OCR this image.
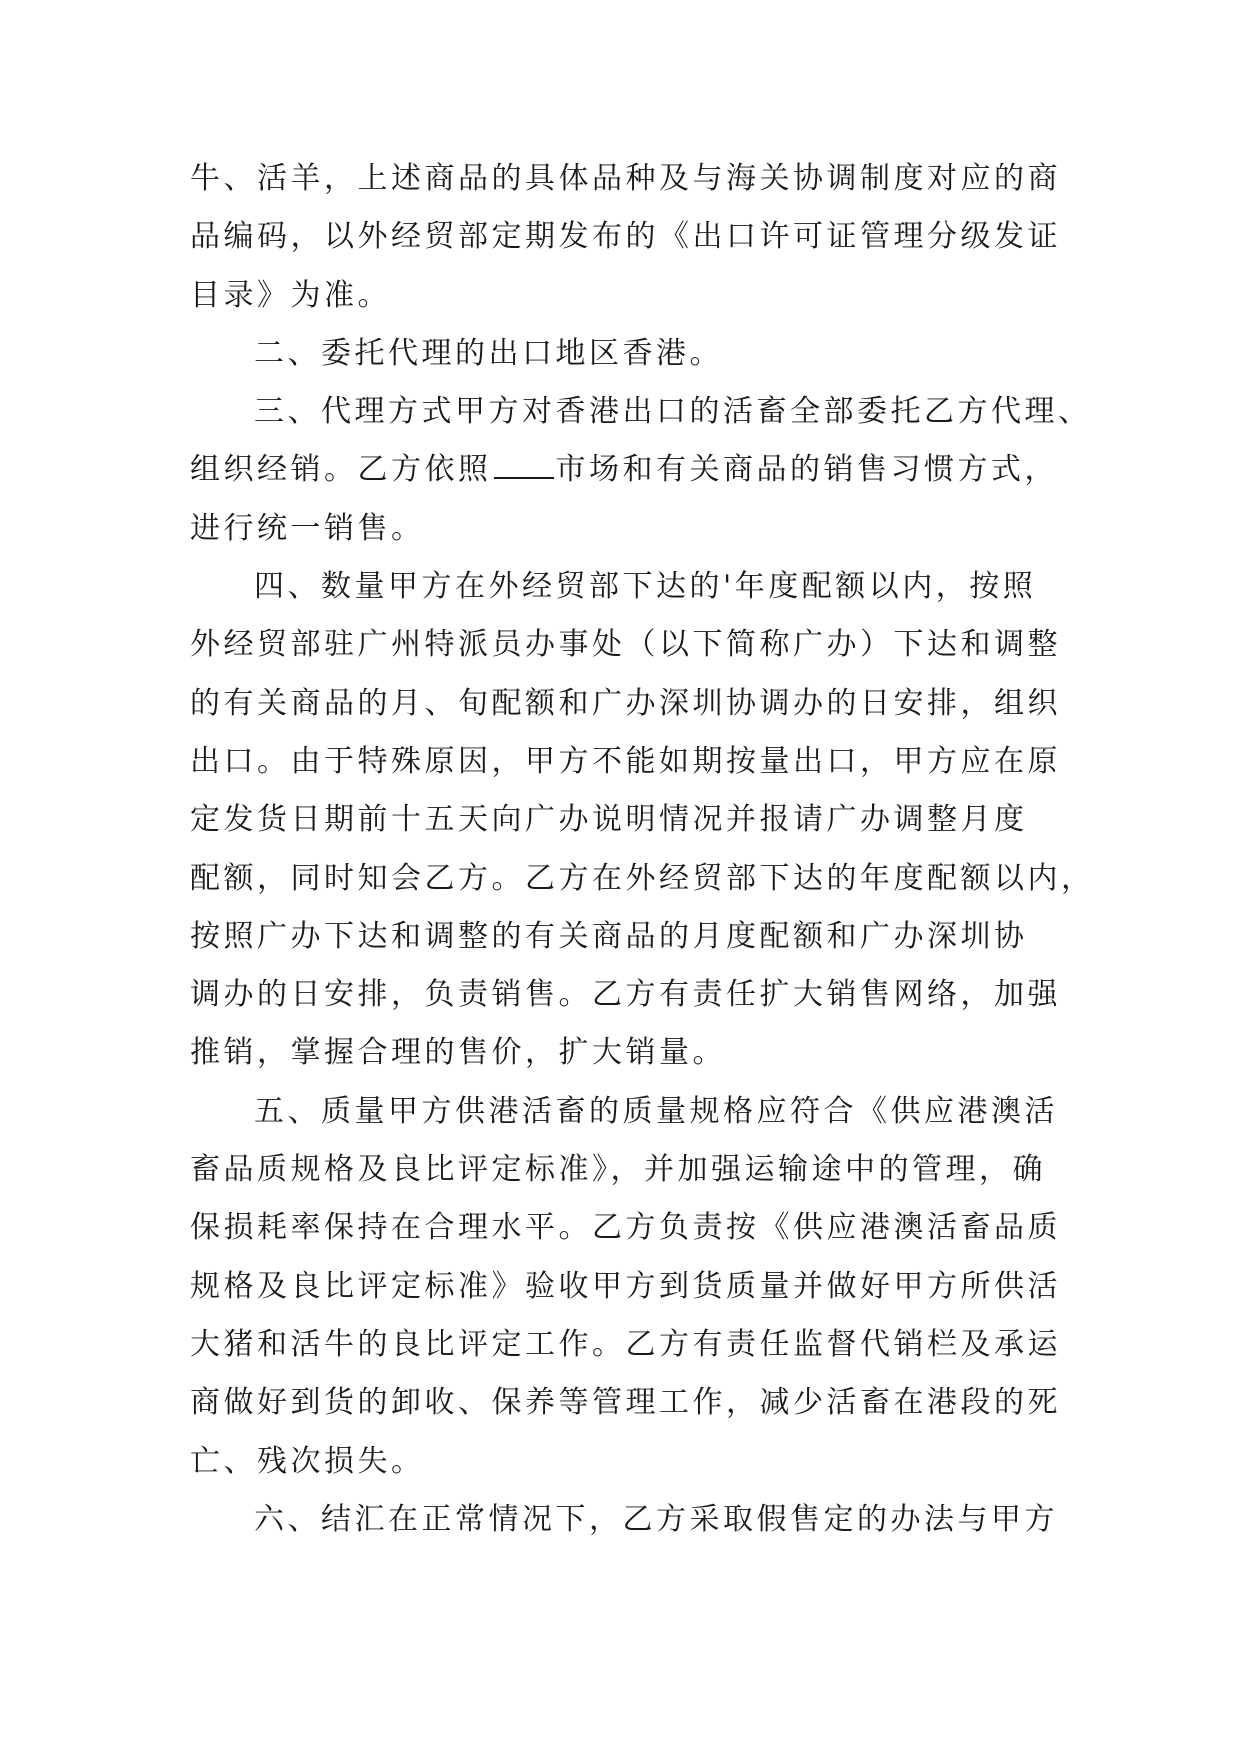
牛、活羊，上述商品的具体品种及与海关协调制度对应的商
品编码，以外经贸部定期发布的《出口许可证管理分级发证
目录》为准。
二、委托代理的出口地区香港。
三、代理方式甲方对香港出口的活畜全部委托乙方代理、
组织经销。乙方依照 市场和有关商品的销售习惯方式，
进行统一销售。
四、数量甲方在外经贸部下达的'年度配额以内，按照
外经贸部驻广州特派员办事处（以下简称广办）下达和调整
的有关商品的月、旬配额和广办深圳协调办的日安排，组织
出口。由于特殊原因，甲方不能如期按量出口，甲方应在原
定发货日期前十五天向广办说明情况并报请广办调整月度
配额，同时知会乙方。乙方在外经贸部下达的年度配额以内，
按照广办下达和调整的有关商品的月度配额和广办深圳协
调办的日安排，负责销售。乙方有责任扩大销售网络，加强
推销，掌握合理的售价，扩大销量。
五、质量甲方供港活畜的质量规格应符合《供应港澳活
畜品质规格及良比评定标准》，并加强运输途中的管理，确
保损耗率保持在合理水平。乙方负责按《供应港澳活畜品质
规格及良比评定标准》验收甲方到货质量并做好甲方所供活
大猪和活牛的良比评定工作。乙方有责任监督代销栏及承运
商做好到货的卸收、保养等管理工作，减少活畜在港段的死
亡、残次损失。
六、结汇在正常情况下，乙方采取假售定的办法与甲方
